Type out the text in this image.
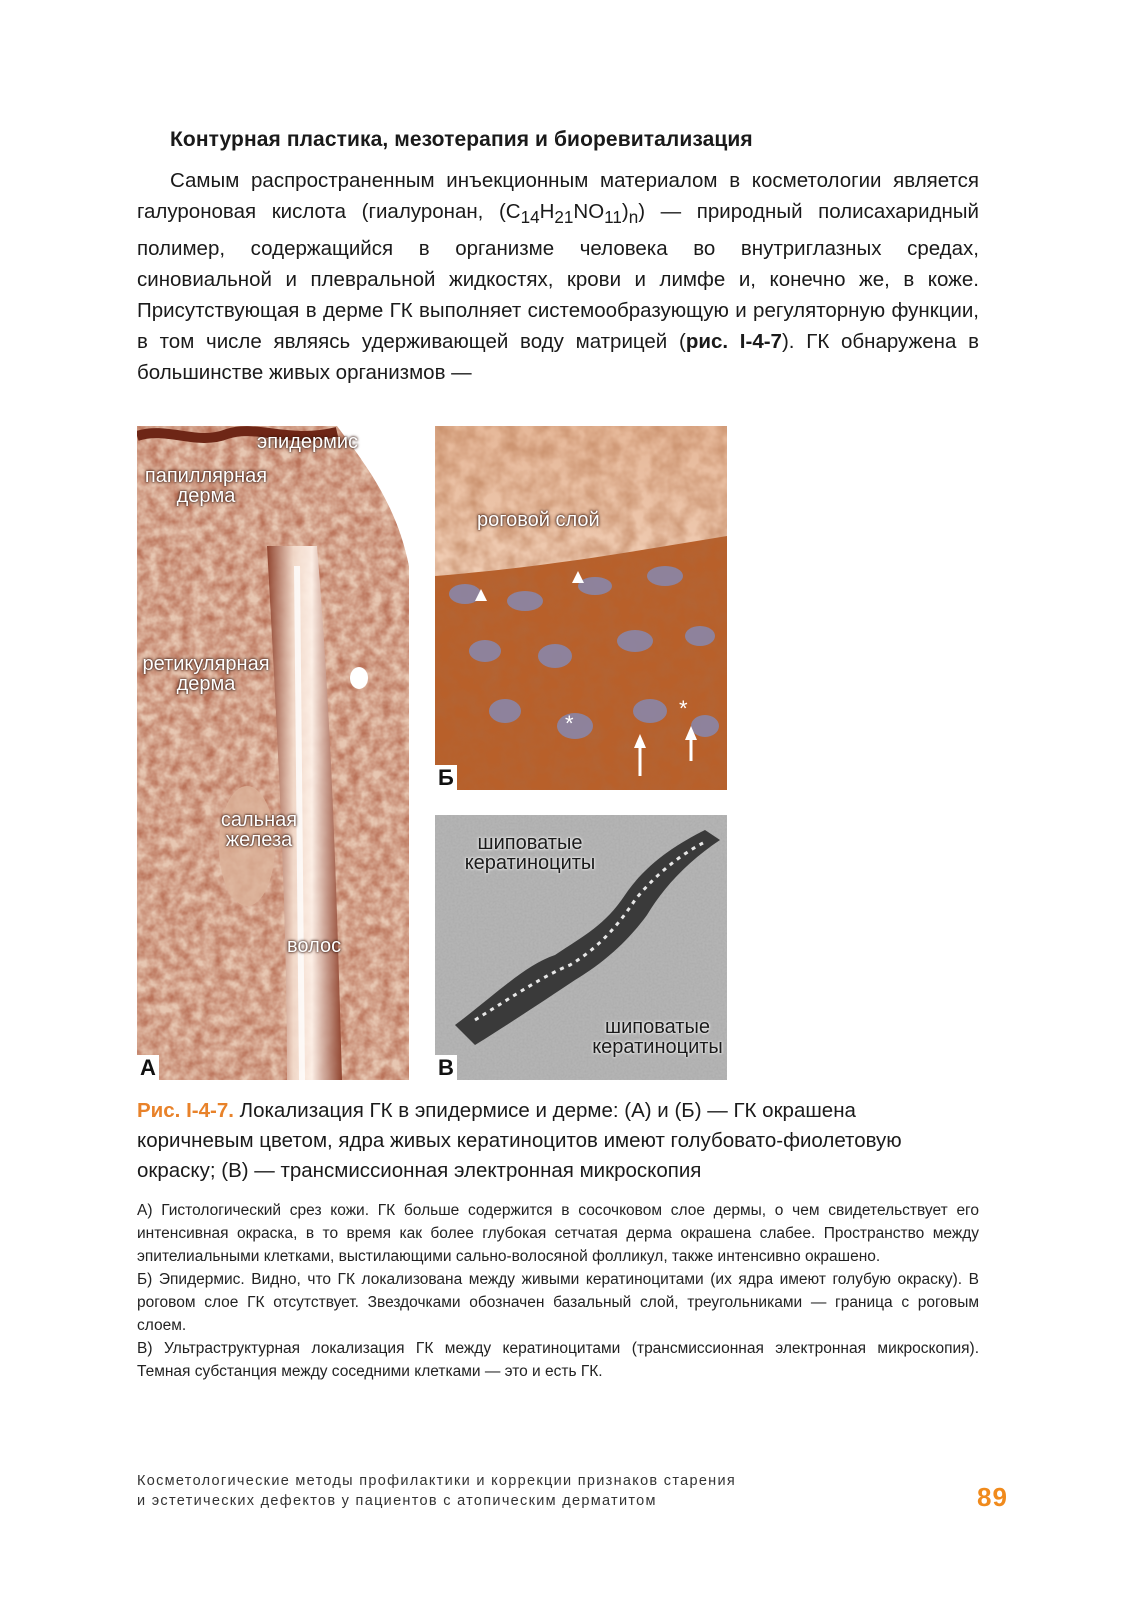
Контурная пластика, мезотерапия и биоревитализация

Самым распространенным инъекционным материалом в косметологии является галуроновая кислота (гиалуронан, $(C_{14}H_{21}NO_{11})_n$) — природный полисахаридный полимер, содержащийся в организме человека во внутриглазных средах, синовиальной и плевральной жидкостях, крови и лимфе и, конечно же, в коже. Присутствующая в дерме ГК выполняет системообразующую и регуляторную функции, в том числе являясь удерживающей воду матрицей (рис. I-4-7). ГК обнаружена в большинстве живых организмов —

эпидермис
папиллярная
дерма
ретикулярная
дерма
сальная
железа
волос
А
*
*
роговой слой
Б
шиповатые
кератиноциты
шиповатые
кератиноциты
В
Рис. I-4-7. Локализация ГК в эпидермисе и дерме: (А) и (Б) — ГК окрашена коричневым цветом, ядра живых кератиноцитов имеют голубовато-фиолетовую окраску; (В) — трансмиссионная электронная микроскопия

А) Гистологический срез кожи. ГК больше содержится в сосочковом слое дермы, о чем свидетельствует его интенсивная окраска, в то время как более глубокая сетчатая дерма окрашена слабее. Пространство между эпителиальными клетками, выстилающими сально-волосяной фолликул, также интенсивно окрашено.

Б) Эпидермис. Видно, что ГК локализована между живыми кератиноцитами (их ядра имеют голубую окраску). В роговом слое ГК отсутствует. Звездочками обозначен базальный слой, треугольниками — граница с роговым слоем.

В) Ультраструктурная локализация ГК между кератиноцитами (трансмиссионная электронная микроскопия). Темная субстанция между соседними клетками — это и есть ГК.

Косметологические методы профилактики и коррекции признаков старения
и эстетических дефектов у пациентов с атопическим дерматитом	89
